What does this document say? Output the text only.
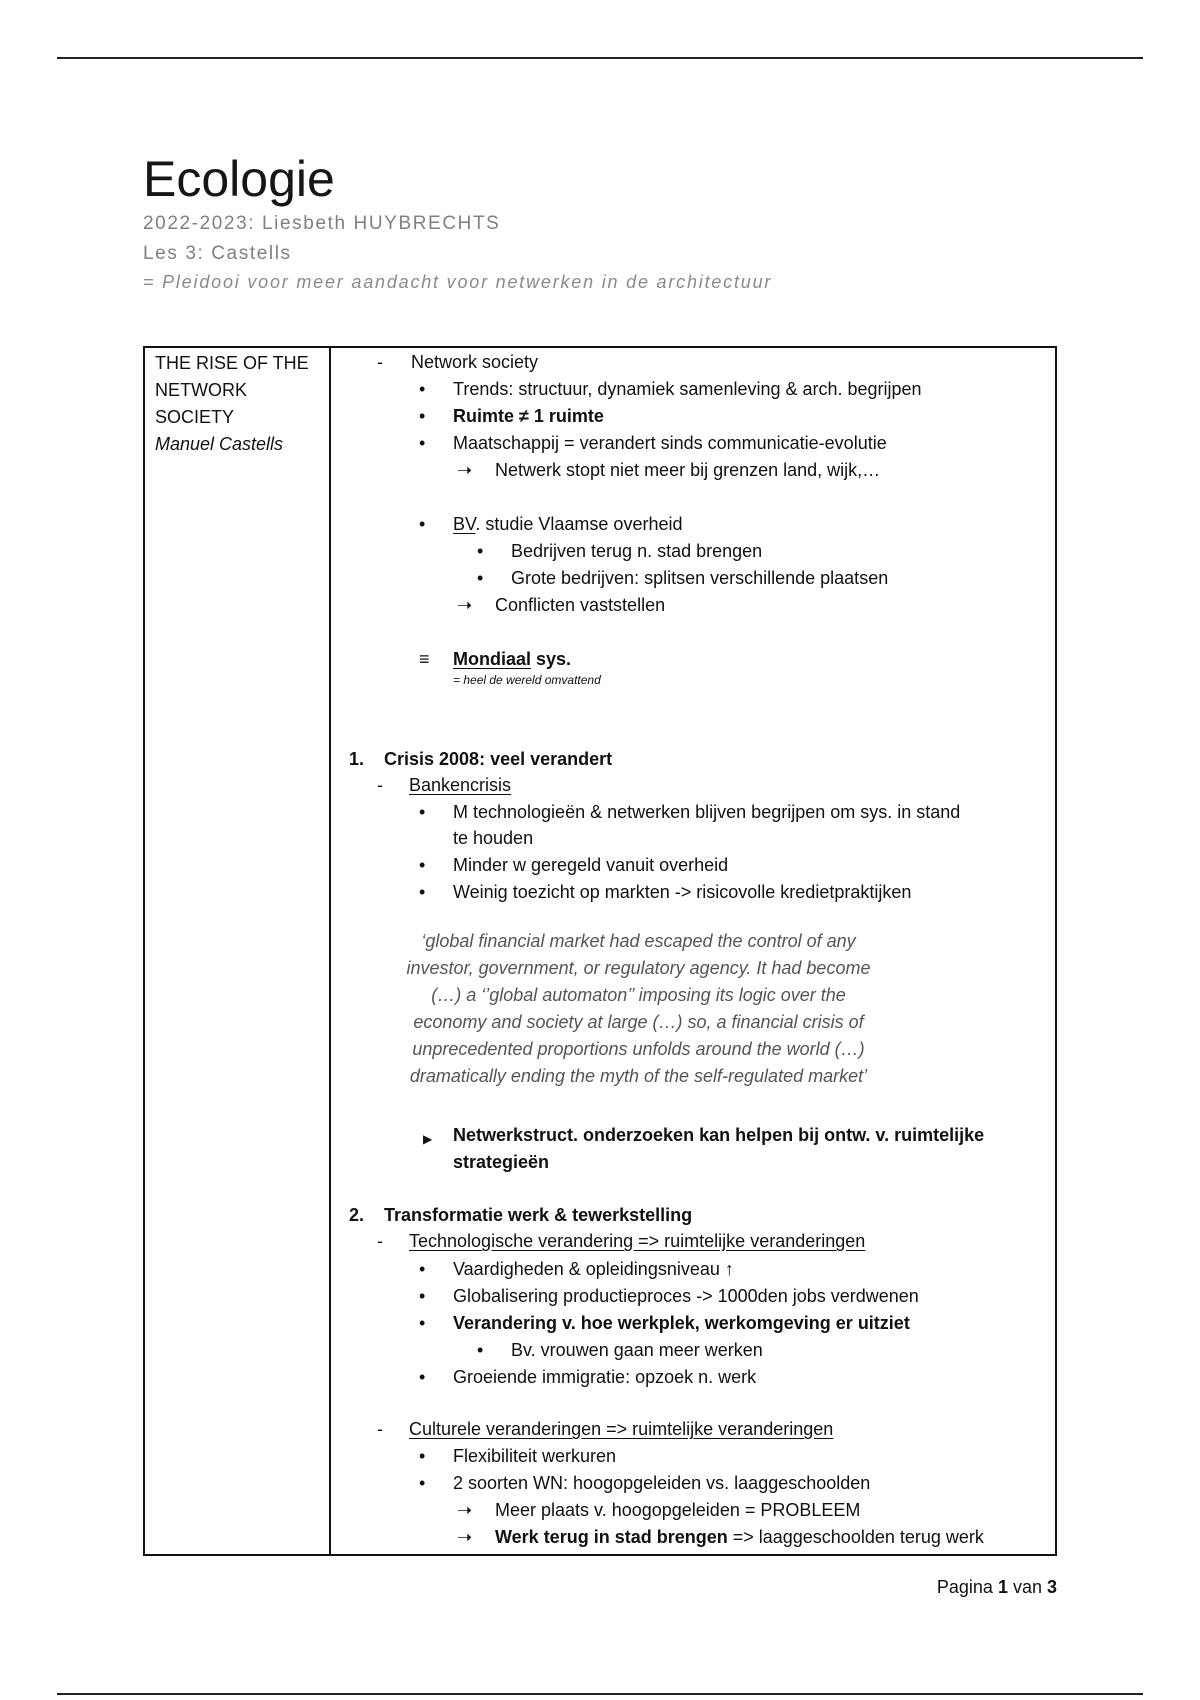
Ecologie
2022-2023: Liesbeth HUYBRECHTS
Les 3: Castells
= Pleidooi voor meer aandacht voor netwerken in de architectuur
THE RISE OF THE
NETWORK
SOCIETY
Manuel Castells
- Network society
• Trends: structuur, dynamiek samenleving & arch. begrijpen
• Ruimte ≠ 1 ruimte
• Maatschappij = verandert sinds communicatie-evolutie
➝ Netwerk stopt niet meer bij grenzen land, wijk,…
• BV. studie Vlaamse overheid
• Bedrijven terug n. stad brengen
• Grote bedrijven: splitsen verschillende plaatsen
➝ Conflicten vaststellen
≡ Mondiaal sys.
= heel de wereld omvattend
1. Crisis 2008: veel verandert
- Bankencrisis
• M technologieën & netwerken blijven begrijpen om sys. in stand
te houden
• Minder w geregeld vanuit overheid
• Weinig toezicht op markten -> risicovolle kredietpraktijken
‘global financial market had escaped the control of any
investor, government, or regulatory agency. It had become
(…) a ‘’global automaton’’ imposing its logic over the
economy and society at large (…) so, a financial crisis of
unprecedented proportions unfolds around the world (…)
dramatically ending the myth of the self-regulated market’
▶ Netwerkstruct. onderzoeken kan helpen bij ontw. v. ruimtelijke
strategieën
2. Transformatie werk & tewerkstelling
- Technologische verandering => ruimtelijke veranderingen
• Vaardigheden & opleidingsniveau ↑
• Globalisering productieproces -> 1000den jobs verdwenen
• Verandering v. hoe werkplek, werkomgeving er uitziet
• Bv. vrouwen gaan meer werken
• Groeiende immigratie: opzoek n. werk
- Culturele veranderingen => ruimtelijke veranderingen
• Flexibiliteit werkuren
• 2 soorten WN: hoogopgeleiden vs. laaggeschoolden
➝ Meer plaats v. hoogopgeleiden = PROBLEEM
➝ Werk terug in stad brengen => laaggeschoolden terug werk
Pagina 1 van 3
